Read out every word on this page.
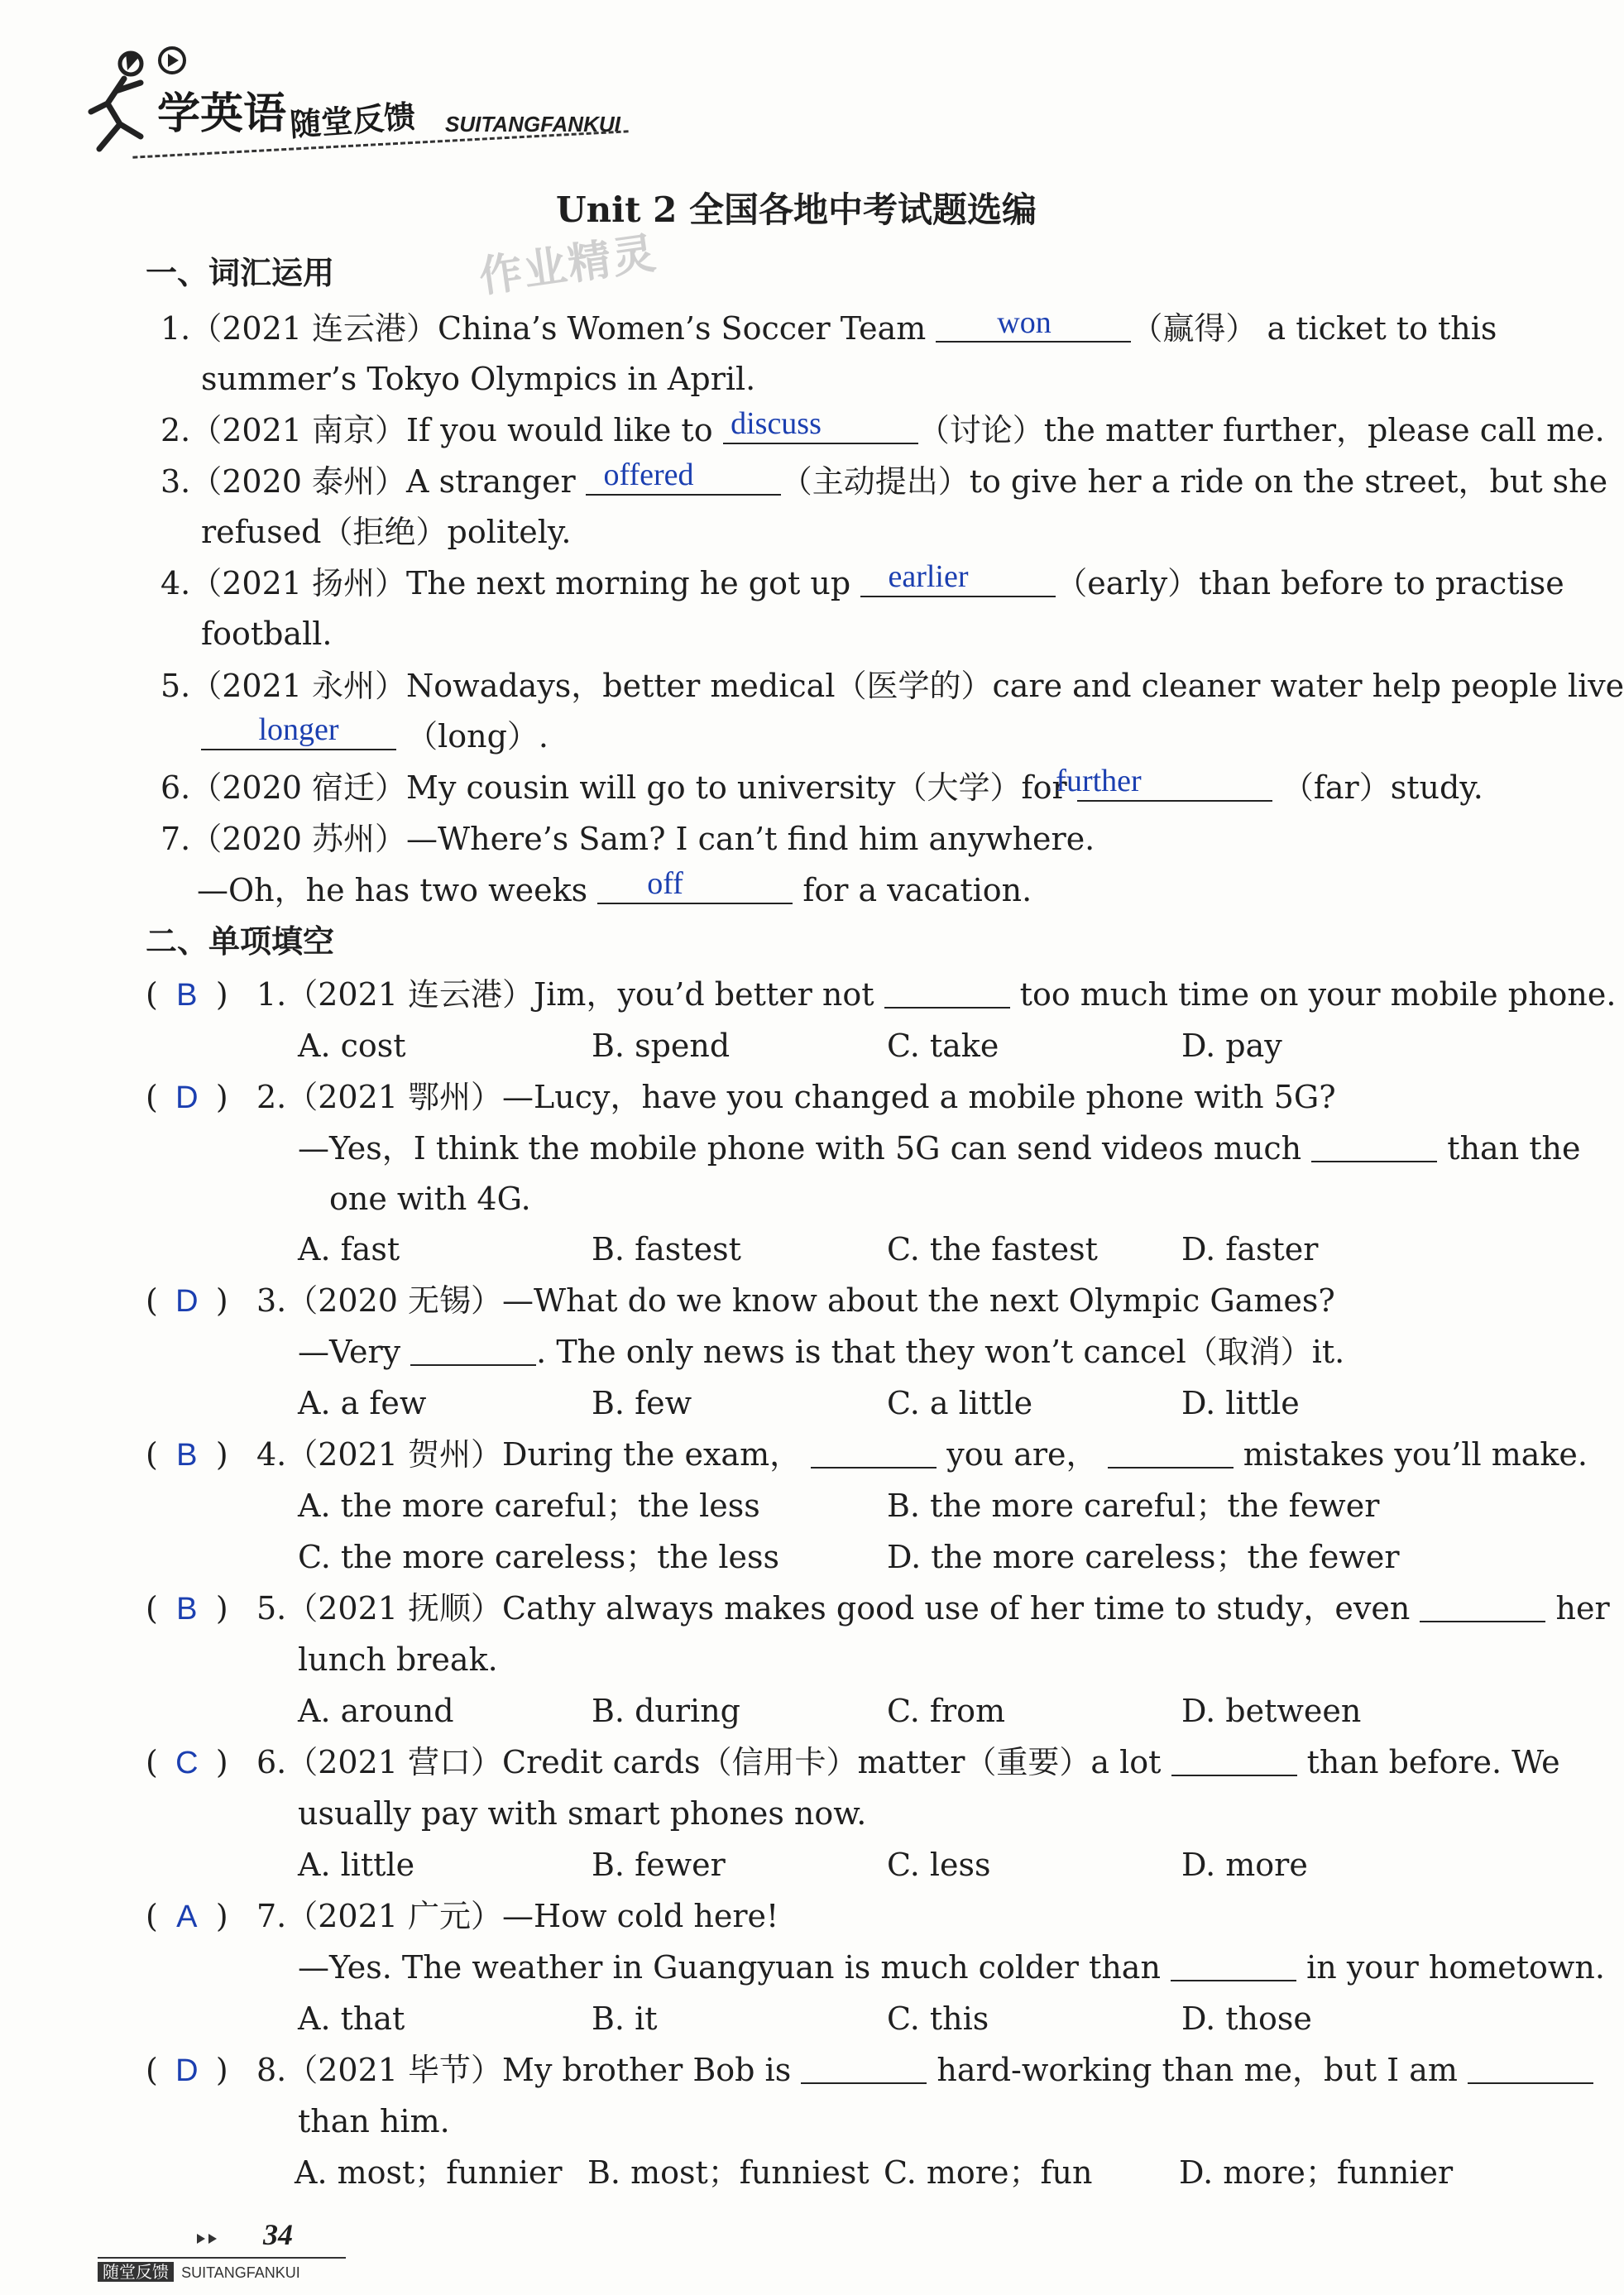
学英语 随堂反馈 SUITANGFANKUI
Unit 2 全国各地中考试题选编
作业精灵
一、词汇运用
1.（2021 连云港）China’s Women’s Soccer Team	（赢得） a ticket to this
won
summer’s Tokyo Olympics in April.
2.（2021 南京）If you would like to	（讨论）the matter further，please call me.
discuss
3.（2020 泰州）A stranger	（主动提出）to give her a ride on the street，but she
offered
refused（拒绝）politely.
4.（2021 扬州）The next morning he got up	（early）than before to practise
earlier
football.
5.（2021 永州）Nowadays，better medical（医学的）care and cleaner water help people live
（long）.
longer
6.（2020 宿迁）My cousin will go to university（大学）for	（far）study.
further
7.（2020 苏州）—Where’s Sam? I can’t find him anywhere.
—Oh，he has two weeks	for a vacation.
off
二、单项填空
( B ) 1.（2021 连云港）Jim，you’d better not	too much time on your mobile phone.
A. cost	B. spend	C. take	D. pay
( D ) 2.（2021 鄂州）—Lucy，have you changed a mobile phone with 5G?
—Yes，I think the mobile phone with 5G can send videos much	than the
one with 4G.
A. fast	B. fastest	C. the fastest	D. faster
( D ) 3.（2020 无锡）—What do we know about the next Olympic Games?
—Very	. The only news is that they won’t cancel（取消）it.
A. a few	B. few	C. a little	D. little
( B ) 4.（2021 贺州）During the exam，	you are，	mistakes you’ll make.
A. the more careful；the less	B. the more careful；the fewer
C. the more careless；the less	D. the more careless；the fewer
( B ) 5.（2021 抚顺）Cathy always makes good use of her time to study，even	her
lunch break.
A. around	B. during	C. from	D. between
( C ) 6.（2021 营口）Credit cards（信用卡）matter（重要）a lot	than before. We
usually pay with smart phones now.
A. little	B. fewer	C. less	D. more
( A ) 7.（2021 广元）—How cold here!
—Yes. The weather in Guangyuan is much colder than	in your hometown.
A. that	B. it	C. this	D. those
( D ) 8.（2021 毕节）My brother Bob is	hard-working than me，but I am
than him.
A. most；funnier B. most；funniest C. more；fun	D. more；funnier
34
随堂反馈 SUITANGFANKUI
